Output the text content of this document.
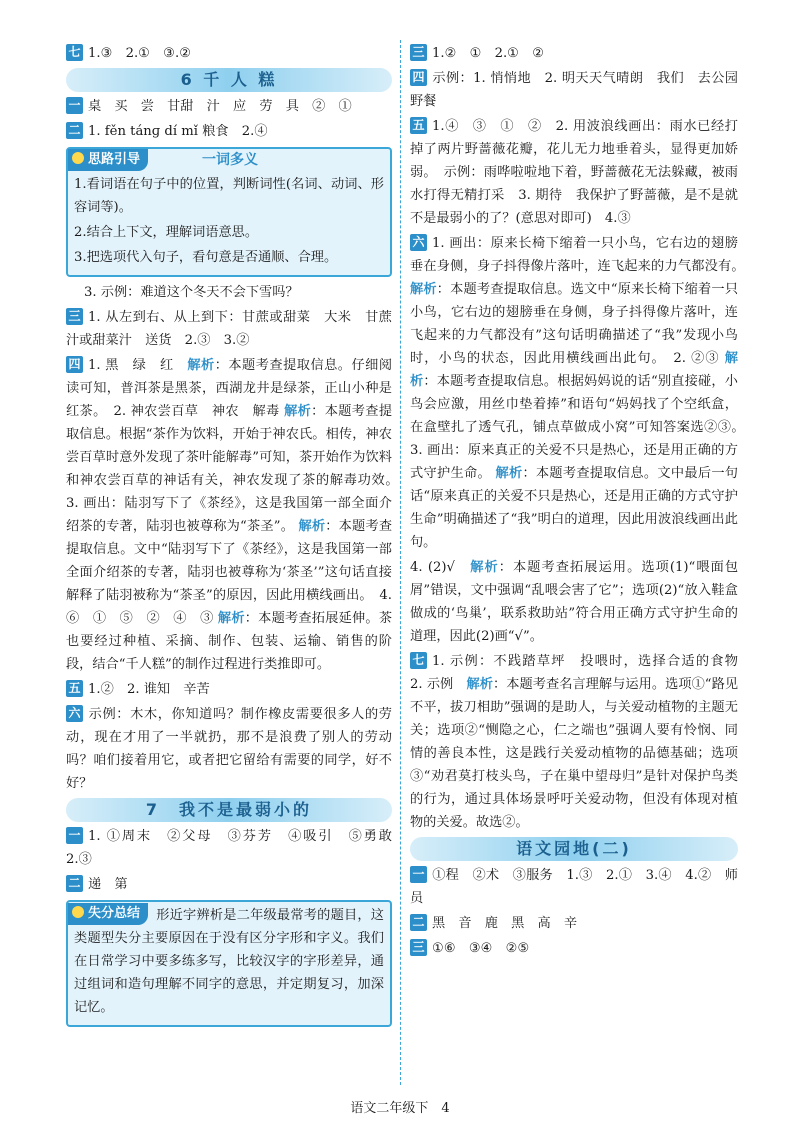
七 1.③　2.①　③.②
6 千 人 糕
一 桌　买　尝　甘甜　汁　应　劳　具　②　①
二 1. fěn tánɡ dí mǐ 粮食　2.④
思路引导	一词多义
1.看词语在句子中的位置，判断词性(名词、动词、形容词等)。
2.结合上下文，理解词语意思。
3.把选项代入句子，看句意是否通顺、合理。
3. 示例：难道这个冬天不会下雪吗？
三 1. 从左到右、从上到下：甘蔗或甜菜　大米　甘蔗汁或甜菜汁　送货　2.③　3.②
四 1. 黑　绿　红　 解析：本题考查提取信息。仔细阅读可知，普洱茶是黑茶，西湖龙井是绿茶，正山小种是红茶。　2. 神农尝百草　神农　解毒 解析：本题考查提取信息。根据“茶作为饮料，开始于神农氏。相传，神农尝百草时意外发现了茶叶能解毒”可知，茶开始作为饮料和神农尝百草的神话有关，神农发现了茶的解毒功效。　3. 画出：陆羽写下了《茶经》，这是我国第一部全面介绍茶的专著，陆羽也被尊称为“茶圣”。 解析：本题考查提取信息。文中“陆羽写下了《茶经》，这是我国第一部全面介绍茶的专著，陆羽也被尊称为‘茶圣’”这句话直接解释了陆羽被称为“茶圣”的原因，因此用横线画出。　4. ⑥　①　⑤　②　④　③ 解析：本题考查拓展延伸。茶也要经过种植、采摘、制作、包装、运输、销售的阶段，结合“千人糕”的制作过程进行类推即可。
五 1.②　2. 谁知　辛苦
六 示例：木木，你知道吗？制作橡皮需要很多人的劳动，现在才用了一半就扔，那不是浪费了别人的劳动吗？咱们接着用它，或者把它留给有需要的同学，好不好？
7　我不是最弱小的
一 1. ①周末　②父母　③芬芳　④吸引　⑤勇敢　2.③
二 递　第
失分总结 形近字辨析是二年级最常考的题目，这类题型失分主要原因在于没有区分字形和字义。我们在日常学习中要多练多写，比较汉字的字形差异，通过组词和造句理解不同字的意思，并定期复习，加深记忆。
三 1.②　①　2.①　②
四 示例：1. 悄悄地　2. 明天天气晴朗　我们　去公园野餐
五 1.④　③　①　②　2. 用波浪线画出：雨水已经打掉了两片野蔷薇花瓣，花儿无力地垂着头，显得更加娇弱。　示例：雨哗啦啦地下着，野蔷薇花无法躲藏，被雨水打得无精打采　3. 期待　我保护了野蔷薇，是不是就不是最弱小的了？(意思对即可)　4.③
六 1. 画出：原来长椅下缩着一只小鸟，它右边的翅膀垂在身侧，身子抖得像片落叶，连飞起来的力气都没有。　解析：本题考查提取信息。选文中“原来长椅下缩着一只小鸟，它右边的翅膀垂在身侧，身子抖得像片落叶，连飞起来的力气都没有”这句话明确描述了“我”发现小鸟时，小鸟的状态，因此用横线画出此句。　2. ②③ 解析：本题考查提取信息。根据妈妈说的话“别直接碰，小鸟会应激，用丝巾垫着捧”和语句“妈妈找了个空纸盒，在盒壁扎了透气孔，铺点草做成小窝”可知答案选②③。　3. 画出：原来真正的关爱不只是热心，还是用正确的方式守护生命。 解析：本题考查提取信息。文中最后一句话“原来真正的关爱不只是热心，还是用正确的方式守护生命”明确描述了“我”明白的道理，因此用波浪线画出此句。
4. (2)√　 解析：本题考查拓展运用。选项(1)“喂面包屑”错误，文中强调“乱喂会害了它”；选项(2)“放入鞋盒做成的‘鸟巢’，联系救助站”符合用正确方式守护生命的道理，因此(2)画“√”。
七 1. 示例：不践踏草坪　投喂时，选择合适的食物　2. 示例　 解析：本题考查名言理解与运用。选项①“路见不平，拔刀相助”强调的是助人，与关爱动植物的主题无关；选项②“恻隐之心，仁之端也”强调人要有怜悯、同情的善良本性，这是践行关爱动植物的品德基础；选项③“劝君莫打枝头鸟，子在巢中望母归”是针对保护鸟类的行为，通过具体场景呼吁关爱动物，但没有体现对植物的关爱。故选②。
语文园地(二)
一 ①程　②术　③服务　1.③　2.①　3.④　4.②　师　员
二 黑　音　鹿　黑　高　辛
三 ①⑥　③④　②⑤
语文二年级下　4
